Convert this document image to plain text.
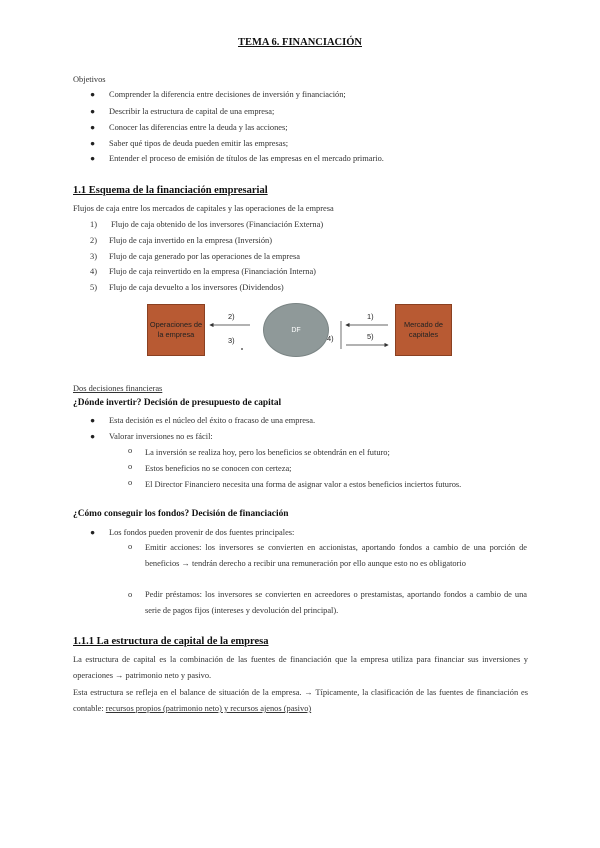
TEMA 6. FINANCIACIÓN
Objetivos
● Comprender la diferencia entre decisiones de inversión y financiación;
● Describir la estructura de capital de una empresa;
● Conocer las diferencias entre la deuda y las acciones;
● Saber qué tipos de deuda pueden emitir las empresas;
● Entender el proceso de emisión de títulos de las empresas en el mercado primario.
1.1 Esquema de la financiación empresarial
Flujos de caja entre los mercados de capitales y las operaciones de la empresa
1) Flujo de caja obtenido de los inversores (Financiación Externa)
2) Flujo de caja invertido en la empresa (Inversión)
3) Flujo de caja generado por las operaciones de la empresa
4) Flujo de caja reinvertido en la empresa (Financiación Interna)
5) Flujo de caja devuelto a los inversores (Dividendos)
Operaciones de la empresa	DF
Mercado de capitales
2)
3)
1)
4)	5)
Dos decisiones financieras
¿Dónde invertir? Decisión de presupuesto de capital
● Esta decisión es el núcleo del éxito o fracaso de una empresa.
● Valorar inversiones no es fácil:
o La inversión se realiza hoy, pero los beneficios se obtendrán en el futuro;
o Estos beneficios no se conocen con certeza;
o El Director Financiero necesita una forma de asignar valor a estos beneficios inciertos futuros.
¿Cómo conseguir los fondos? Decisión de financiación
● Los fondos pueden provenir de dos fuentes principales:
o Emitir acciones: los inversores se convierten en accionistas, aportando fondos a cambio de una porción de beneficios → tendrán derecho a recibir una remuneración por ello aunque esto no es obligatorio
o Pedir préstamos: los inversores se convierten en acreedores o prestamistas, aportando fondos a cambio de una serie de pagos fijos (intereses y devolución del principal).
1.1.1 La estructura de capital de la empresa
La estructura de capital es la combinación de las fuentes de financiación que la empresa utiliza para financiar sus inversiones y operaciones → patrimonio neto y pasivo.
Esta estructura se refleja en el balance de situación de la empresa. → Típicamente, la clasificación de las fuentes de financiación es contable: recursos propios (patrimonio neto) y recursos ajenos (pasivo)
